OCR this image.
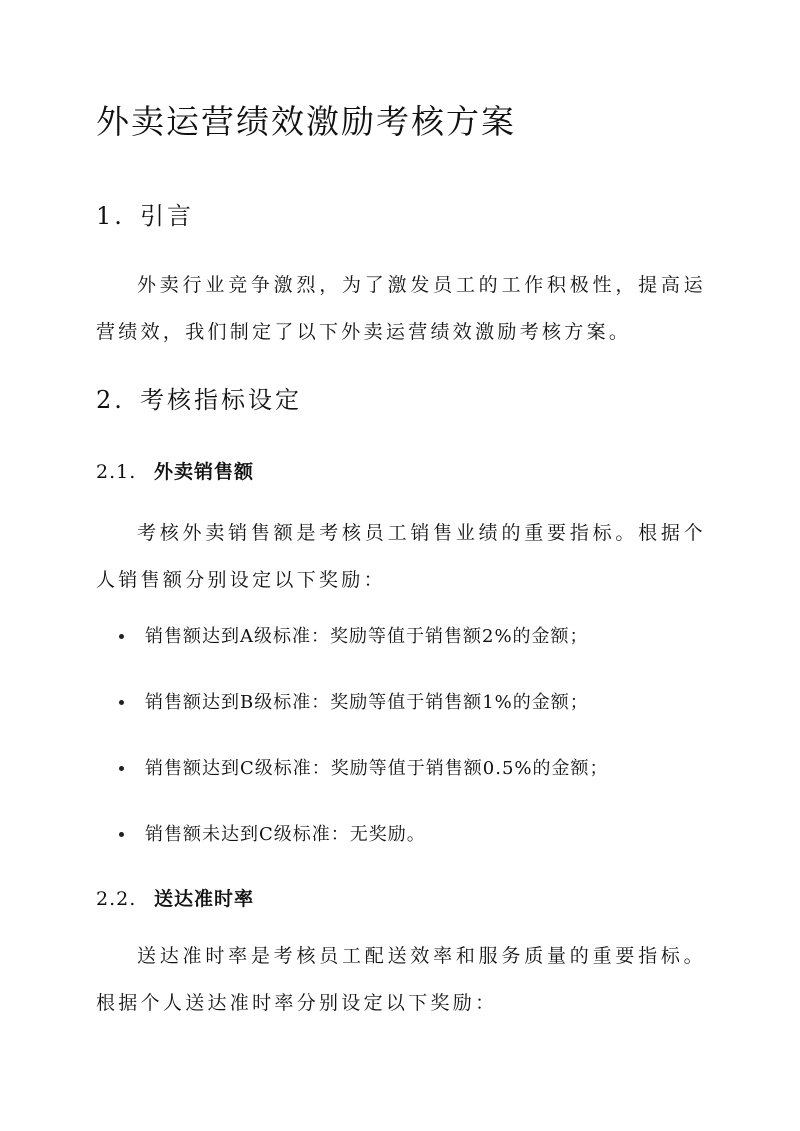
外卖运营绩效激励考核方案
1. 引言

外卖行业竞争激烈，为了激发员工的工作积极性，提高运营绩效，我们制定了以下外卖运营绩效激励考核方案。

2. 考核指标设定
2.1. 外卖销售额

考核外卖销售额是考核员工销售业绩的重要指标。根据个人销售额分别设定以下奖励：

销售额达到A级标准：奖励等值于销售额2%的金额；
销售额达到B级标准：奖励等值于销售额1%的金额；
销售额达到C级标准：奖励等值于销售额0.5%的金额；
销售额未达到C级标准：无奖励。
2.2. 送达准时率

送达准时率是考核员工配送效率和服务质量的重要指标。根据个人送达准时率分别设定以下奖励：
